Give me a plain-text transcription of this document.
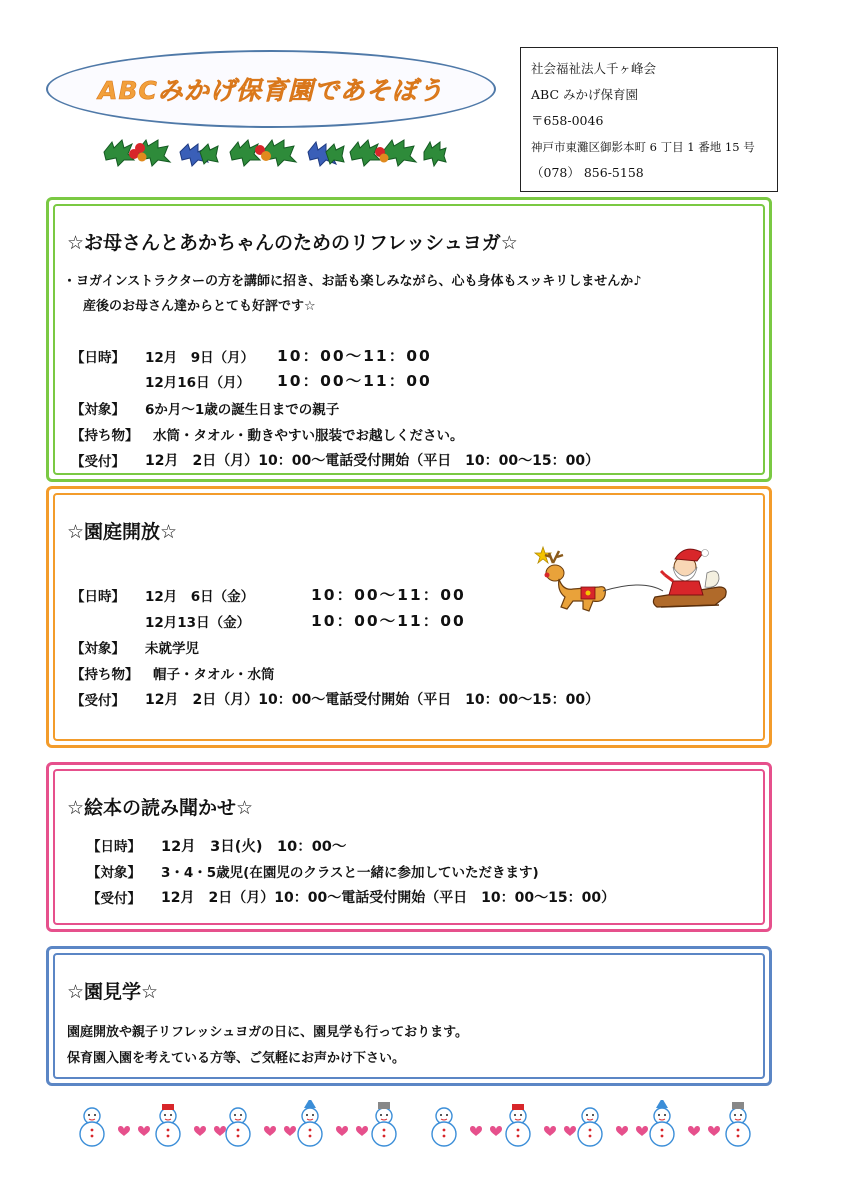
ABCみかげ保育園であそぼう
社会福祉法人千ヶ峰会
ABC みかげ保育園
〒658-0046
神戸市東灘区御影本町 6 丁目 1 番地 15 号
（078） 856-5158
☆お母さんとあかちゃんのためのリフレッシュヨガ☆
・ヨガインストラクターの方を講師に招き、お話も楽しみながら、心も身体もスッキリしませんか♪
産後のお母さん達からとても好評です☆
【日時】 12月　9日（月） 10：00～11：00
12月16日（月） 10：00～11：00
【対象】 6か月～1歳の誕生日までの親子
【持ち物】 水筒・タオル・動きやすい服装でお越しください。
【受付】 12月　2日（月）10：00～電話受付開始（平日　10：00～15：00）
☆園庭開放☆
【日時】 12月　6日（金）	10：00～11：00
12月13日（金）	10：00～11：00
【対象】 未就学児
【持ち物】 帽子・タオル・水筒
【受付】 12月　2日（月）10：00～電話受付開始（平日　10：00～15：00）
☆絵本の読み聞かせ☆
【日時】 12月　3日(火)　10：00～
【対象】 3・4・5歳児(在園児のクラスと一緒に参加していただきます)
【受付】 12月　2日（月）10：00～電話受付開始（平日　10：00～15：00）
☆園見学☆
園庭開放や親子リフレッシュヨガの日に、園見学も行っております。
保育園入園を考えている方等、ご気軽にお声かけ下さい。
